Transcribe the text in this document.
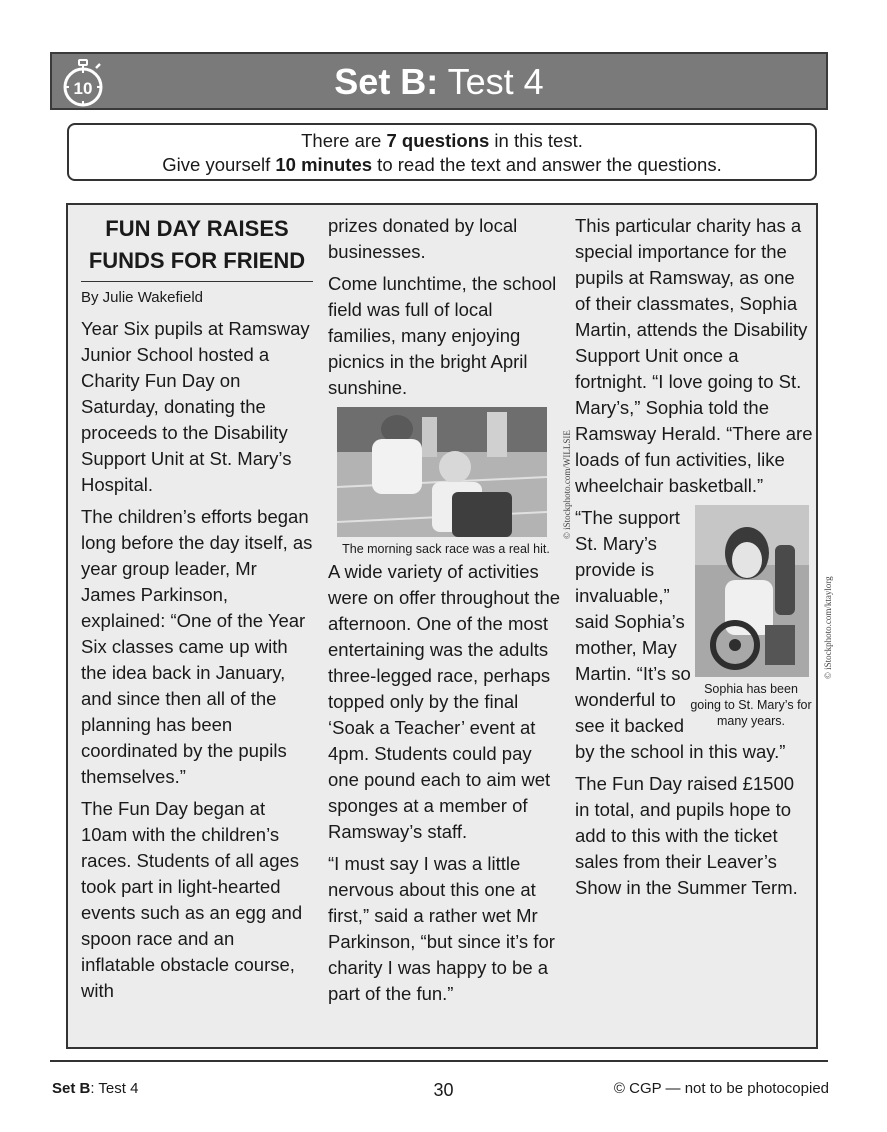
10	Set B: Test 4
There are 7 questions in this test.
Give yourself 10 minutes to read the text and answer the questions.
FUN DAY RAISES FUNDS FOR FRIEND

By Julie Wakefield

Year Six pupils at Ramsway Junior School hosted a Charity Fun Day on Saturday, donating the proceeds to the Disability Support Unit at St. Mary’s Hospital.

The children’s efforts began long before the day itself, as year group leader, Mr James Parkinson, explained: “One of the Year Six classes came up with the idea back in January, and since then all of the planning has been coordinated by the pupils themselves.”

The Fun Day began at 10am with the children’s races. Students of all ages took part in light-hearted events such as an egg and spoon race and an inflatable obstacle course, with

prizes donated by local businesses.

Come lunchtime, the school field was full of local families, many enjoying picnics in the bright April sunshine.

© iStockphoto.com/WILLSIE
The morning sack race was a real hit.

A wide variety of activities were on offer throughout the afternoon. One of the most entertaining was the adults three-legged race, perhaps topped only by the final ‘Soak a Teacher’ event at 4pm. Students could pay one pound each to aim wet sponges at a member of Ramsway’s staff.

“I must say I was a little nervous about this one at first,” said a rather wet Mr Parkinson, “but since it’s for charity I was happy to be a part of the fun.”

This particular charity has a special importance for the pupils at Ramsway, as one of their classmates, Sophia Martin, attends the Disability Support Unit once a fortnight. “I love going to St. Mary’s,” Sophia told the Ramsway Herald. “There are loads of fun activities, like wheelchair basketball.”

© iStockphoto.com/ktaylorg
Sophia has been going to St. Mary’s for many years.

“The support St. Mary’s provide is invaluable,” said Sophia’s mother, May Martin. “It’s so wonderful to see it backed by the school in this way.”

The Fun Day raised £1500 in total, and pupils hope to add to this with the ticket sales from their Leaver’s Show in the Summer Term.

Set B: Test 4	30	© CGP — not to be photocopied
